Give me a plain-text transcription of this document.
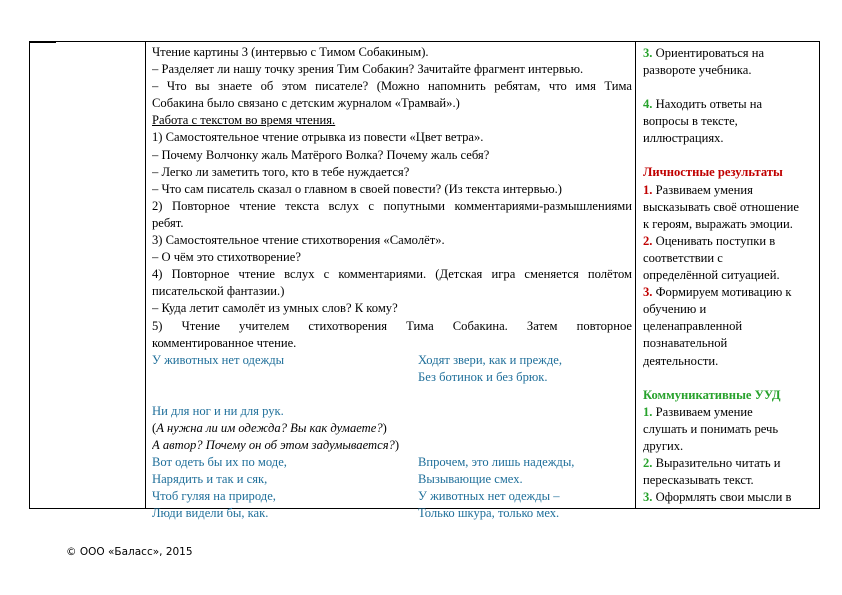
Чтение картины 3 (интервью с Тимом Собакиным).
– Разделяет ли нашу точку зрения Тим Собакин? Зачитайте фрагмент интервью.
– Что вы знаете об этом писателе? (Можно напомнить ребятам, что имя Тима
Собакина было связано с детским журналом «Трамвай».)
Работа с текстом во время чтения.
1) Самостоятельное чтение отрывка из повести «Цвет ветра».
– Почему Волчонку жаль Матёрого Волка? Почему жаль себя?
– Легко ли заметить того, кто в тебе нуждается?
– Что сам писатель сказал о главном в своей повести? (Из текста интервью.)
2) Повторное чтение текста вслух с попутными комментариями-размышлениями
ребят.
3) Самостоятельное чтение стихотворения «Самолёт».
– О чём это стихотворение?
4) Повторное чтение вслух с комментариями. (Детская игра сменяется полётом
писательской фантазии.)
– Куда летит самолёт из умных слов? К кому?
5) Чтение учителем стихотворения Тима Собакина. Затем повторное
комментированное чтение.
У животных нет одежды	Ходят звери, как и прежде,
Без ботинок и без брюк.
Ни для ног и ни для рук.
(А нужна ли им одежда? Вы как думаете?)
А автор? Почему он об этом задумывается?)
Вот одеть бы их по моде,	Впрочем, это лишь надежды,
Нарядить и так и сяк,	Вызывающие смех.
Чтоб гуляя на природе,	У животных нет одежды –
Люди видели бы, как.	Только шкура, только мех.
3. Ориентироваться на
развороте учебника.
4. Находить ответы на
вопросы в тексте,
иллюстрациях.
Личностные результаты
1. Развиваем умения
высказывать своё отношение
к героям, выражать эмоции.
2. Оценивать поступки в
соответствии с
определённой ситуацией.
3. Формируем мотивацию к
обучению и
целенаправленной
познавательной
деятельности.
Коммуникативные УУД
1. Развиваем умение
слушать и понимать речь
других.
2. Выразительно читать и
пересказывать текст.
3. Оформлять свои мысли в
© ООО «Баласс», 2015
